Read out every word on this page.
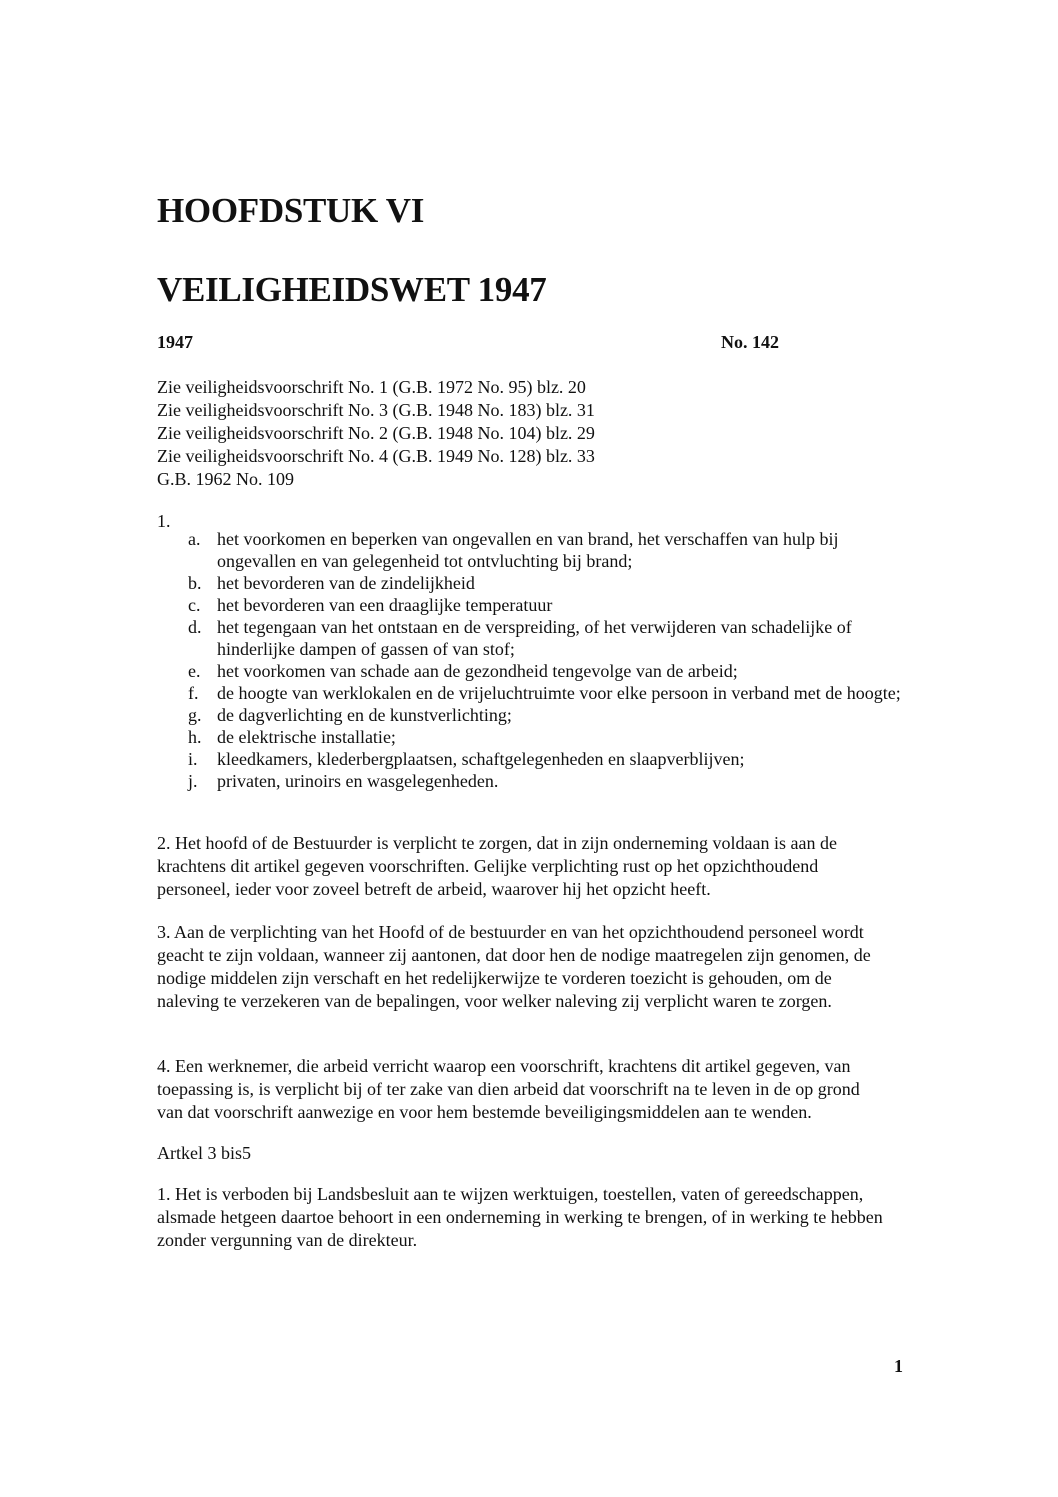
HOOFDSTUK VI
VEILIGHEIDSWET 1947
1947	No. 142
Zie veiligheidsvoorschrift No. 1 (G.B. 1972 No. 95) blz. 20
Zie veiligheidsvoorschrift No. 3 (G.B. 1948 No. 183) blz. 31
Zie veiligheidsvoorschrift No. 2 (G.B. 1948 No. 104) blz. 29
Zie veiligheidsvoorschrift No. 4 (G.B. 1949 No. 128) blz. 33
G.B. 1962 No. 109
1.
a. het voorkomen en beperken van ongevallen en van brand, het verschaffen van hulp bij ongevallen en van gelegenheid tot ontvluchting bij brand;
b. het bevorderen van de zindelijkheid
c. het bevorderen van een draaglijke temperatuur
d. het tegengaan van het ontstaan en de verspreiding, of het verwijderen van schadelijke of hinderlijke dampen of gassen of van stof;
e. het voorkomen van schade aan de gezondheid tengevolge van de arbeid;
f. de hoogte van werklokalen en de vrijeluchtruimte voor elke persoon in verband met de hoogte;
g. de dagverlichting en de kunstverlichting;
h. de elektrische installatie;
i. kleedkamers, klederbergplaatsen, schaftgelegenheden en slaapverblijven;
j. privaten, urinoirs en wasgelegenheden.

2. Het hoofd of de Bestuurder is verplicht te zorgen, dat in zijn onderneming voldaan is aan de krachtens dit artikel gegeven voorschriften. Gelijke verplichting rust op het opzichthoudend personeel, ieder voor zoveel betreft de arbeid, waarover hij het opzicht heeft.

3. Aan de verplichting van het Hoofd of de bestuurder en van het opzichthoudend personeel wordt geacht te zijn voldaan, wanneer zij aantonen, dat door hen de nodige maatregelen zijn genomen, de nodige middelen zijn verschaft en het redelijkerwijze te vorderen toezicht is gehouden, om de naleving te verzekeren van de bepalingen, voor welker naleving zij verplicht waren te zorgen.

4. Een werknemer, die arbeid verricht waarop een voorschrift, krachtens dit artikel gegeven, van toepassing is, is verplicht bij of ter zake van dien arbeid dat voorschrift na te leven in de op grond van dat voorschrift aanwezige en voor hem bestemde beveiligingsmiddelen aan te wenden.

Artkel 3 bis5

1. Het is verboden bij Landsbesluit aan te wijzen werktuigen, toestellen, vaten of gereedschappen, alsmade hetgeen daartoe behoort in een onderneming in werking te brengen, of in werking te hebben zonder vergunning van de direkteur.

1
